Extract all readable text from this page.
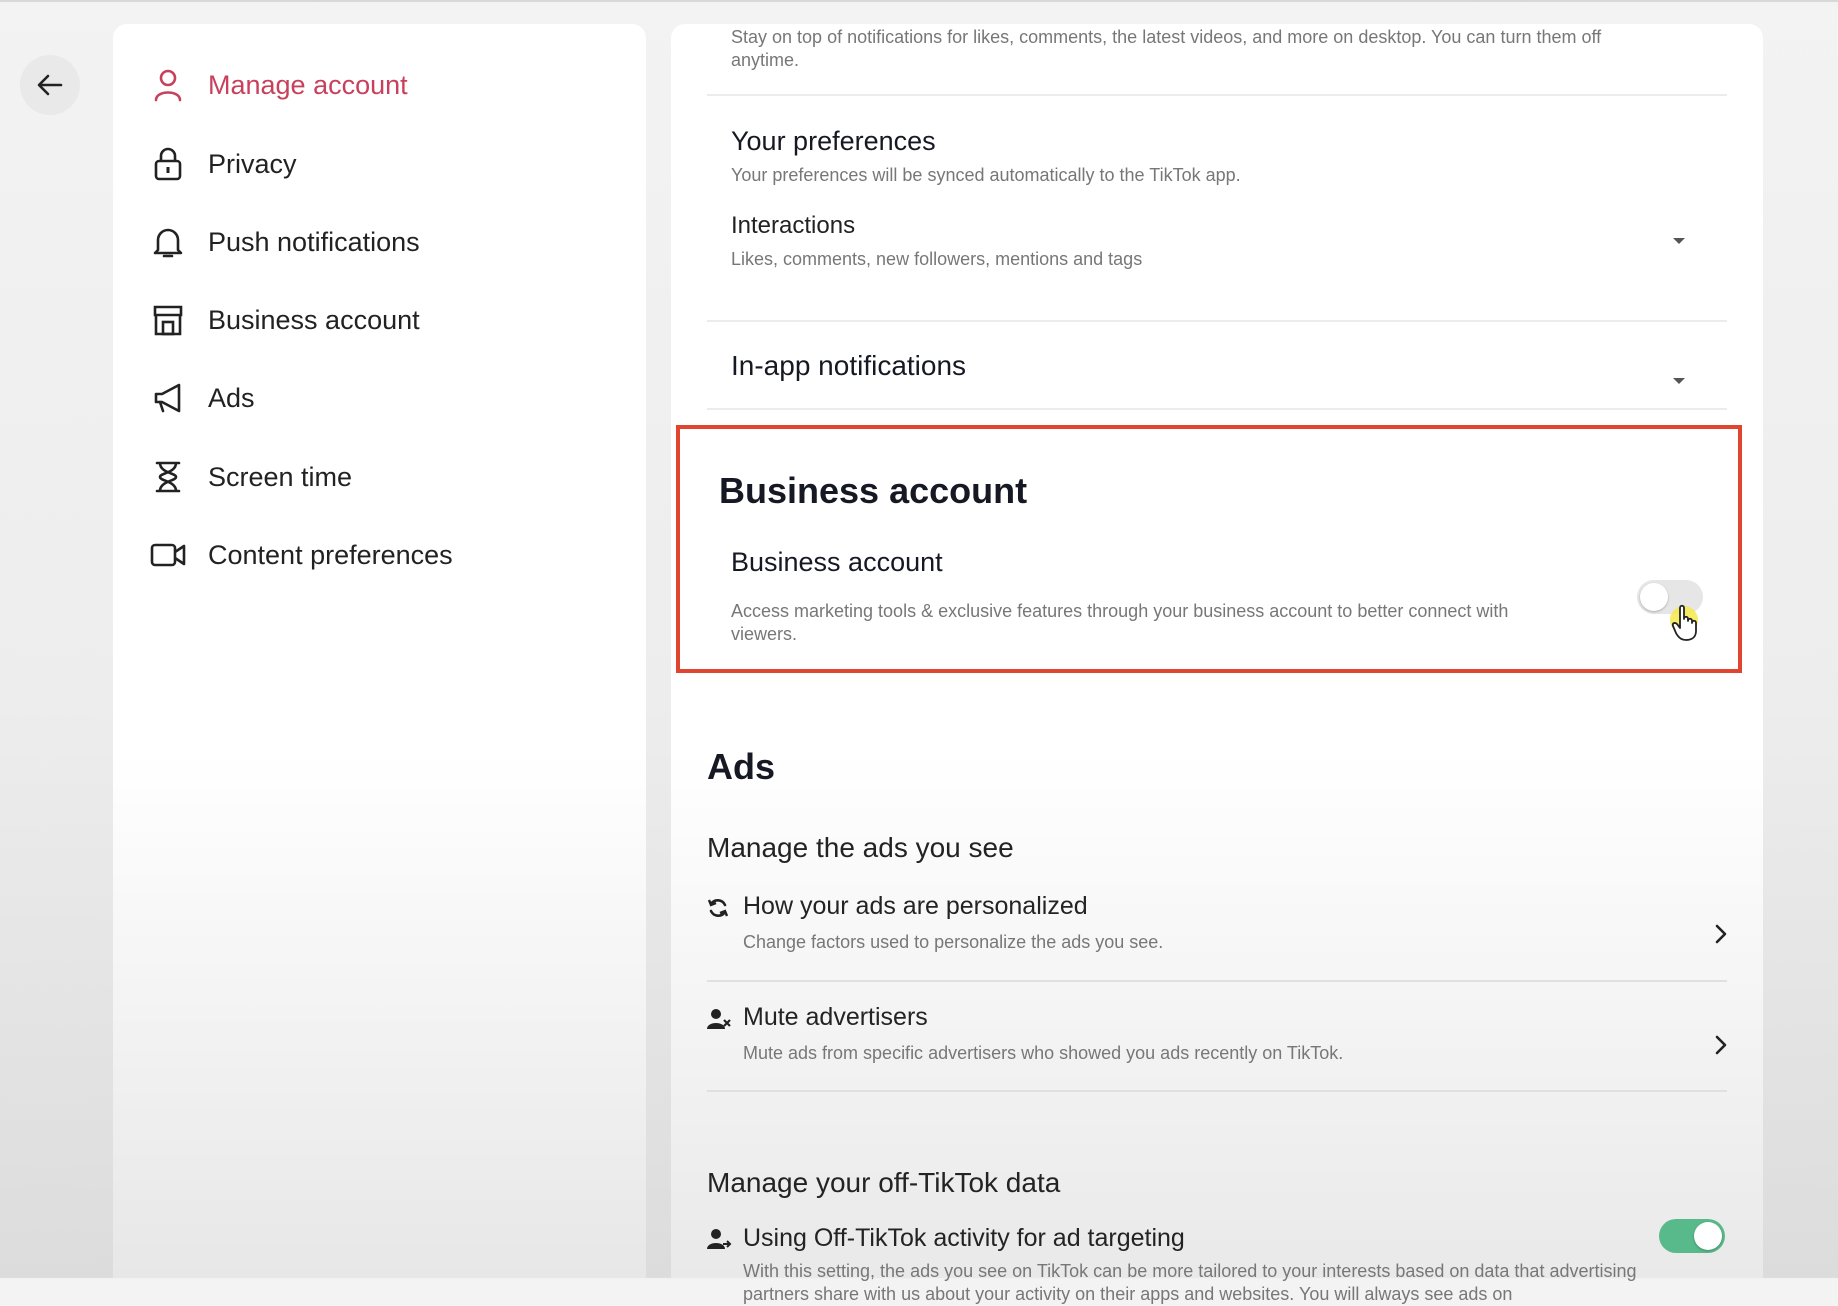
Manage account
Privacy
Push notifications
Business account
Ads
Screen time
Content preferences
Stay on top of notifications for likes, comments, the latest videos, and more on desktop. You can turn them off anytime.
Your preferences
Your preferences will be synced automatically to the TikTok app.
Interactions
Likes, comments, new followers, mentions and tags
In-app notifications
Business account
Business account
Access marketing tools & exclusive features through your business account to better connect with viewers.
Ads
Manage the ads you see
How your ads are personalized
Change factors used to personalize the ads you see.
Mute advertisers
Mute ads from specific advertisers who showed you ads recently on TikTok.
Manage your off-TikTok data
Using Off-TikTok activity for ad targeting
With this setting, the ads you see on TikTok can be more tailored to your interests based on data that advertising partners share with us about your activity on their apps and websites. You will always see ads on
